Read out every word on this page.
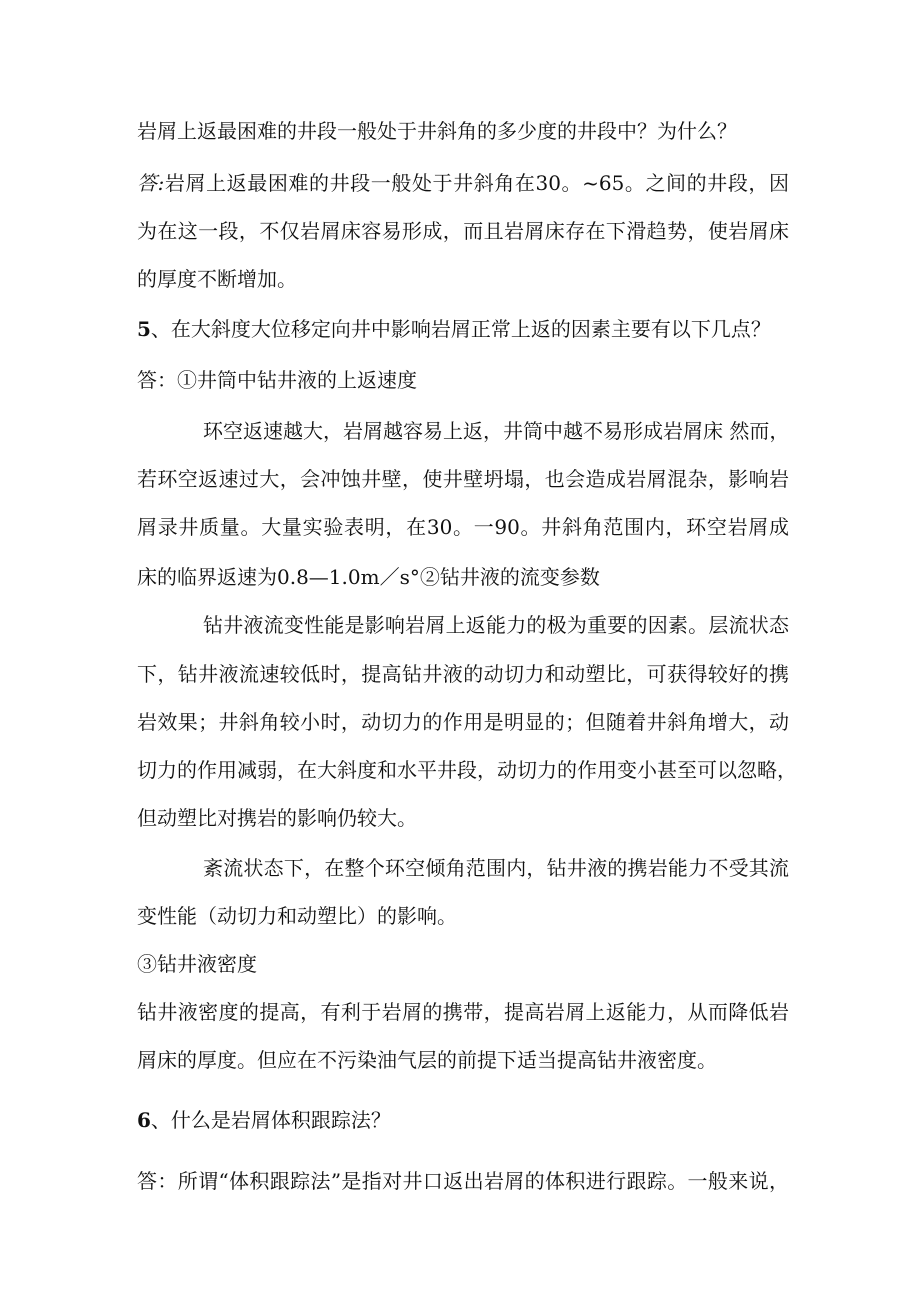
岩屑上返最困难的井段一般处于井斜角的多少度的井段中？为什么？
答:岩屑上返最困难的井段一般处于井斜角在30。~65。之间的井段，因
为在这一段，不仅岩屑床容易形成，而且岩屑床存在下滑趋势，使岩屑床
的厚度不断增加。
5、在大斜度大位移定向井中影响岩屑正常上返的因素主要有以下几点？
答：①井筒中钻井液的上返速度
环空返速越大，岩屑越容易上返，井筒中越不易形成岩屑床 然而，
若环空返速过大，会冲蚀井壁，使井壁坍塌，也会造成岩屑混杂，影响岩
屑录井质量。大量实验表明，在30。一90。井斜角范围内，环空岩屑成
床的临界返速为0.8—1.0m／s°②钻井液的流变参数
钻井液流变性能是影响岩屑上返能力的极为重要的因素。层流状态
下，钻井液流速较低时，提高钻井液的动切力和动塑比，可获得较好的携
岩效果；井斜角较小时，动切力的作用是明显的；但随着井斜角增大，动
切力的作用减弱，在大斜度和水平井段，动切力的作用变小甚至可以忽略，
但动塑比对携岩的影响仍较大。
紊流状态下，在整个环空倾角范围内，钻井液的携岩能力不受其流
变性能（动切力和动塑比）的影响。
③钻井液密度
钻井液密度的提高，有利于岩屑的携带，提高岩屑上返能力，从而降低岩
屑床的厚度。但应在不污染油气层的前提下适当提高钻井液密度。
6、什么是岩屑体积跟踪法？
答：所谓“体积跟踪法”是指对井口返出岩屑的体积进行跟踪。一般来说，
